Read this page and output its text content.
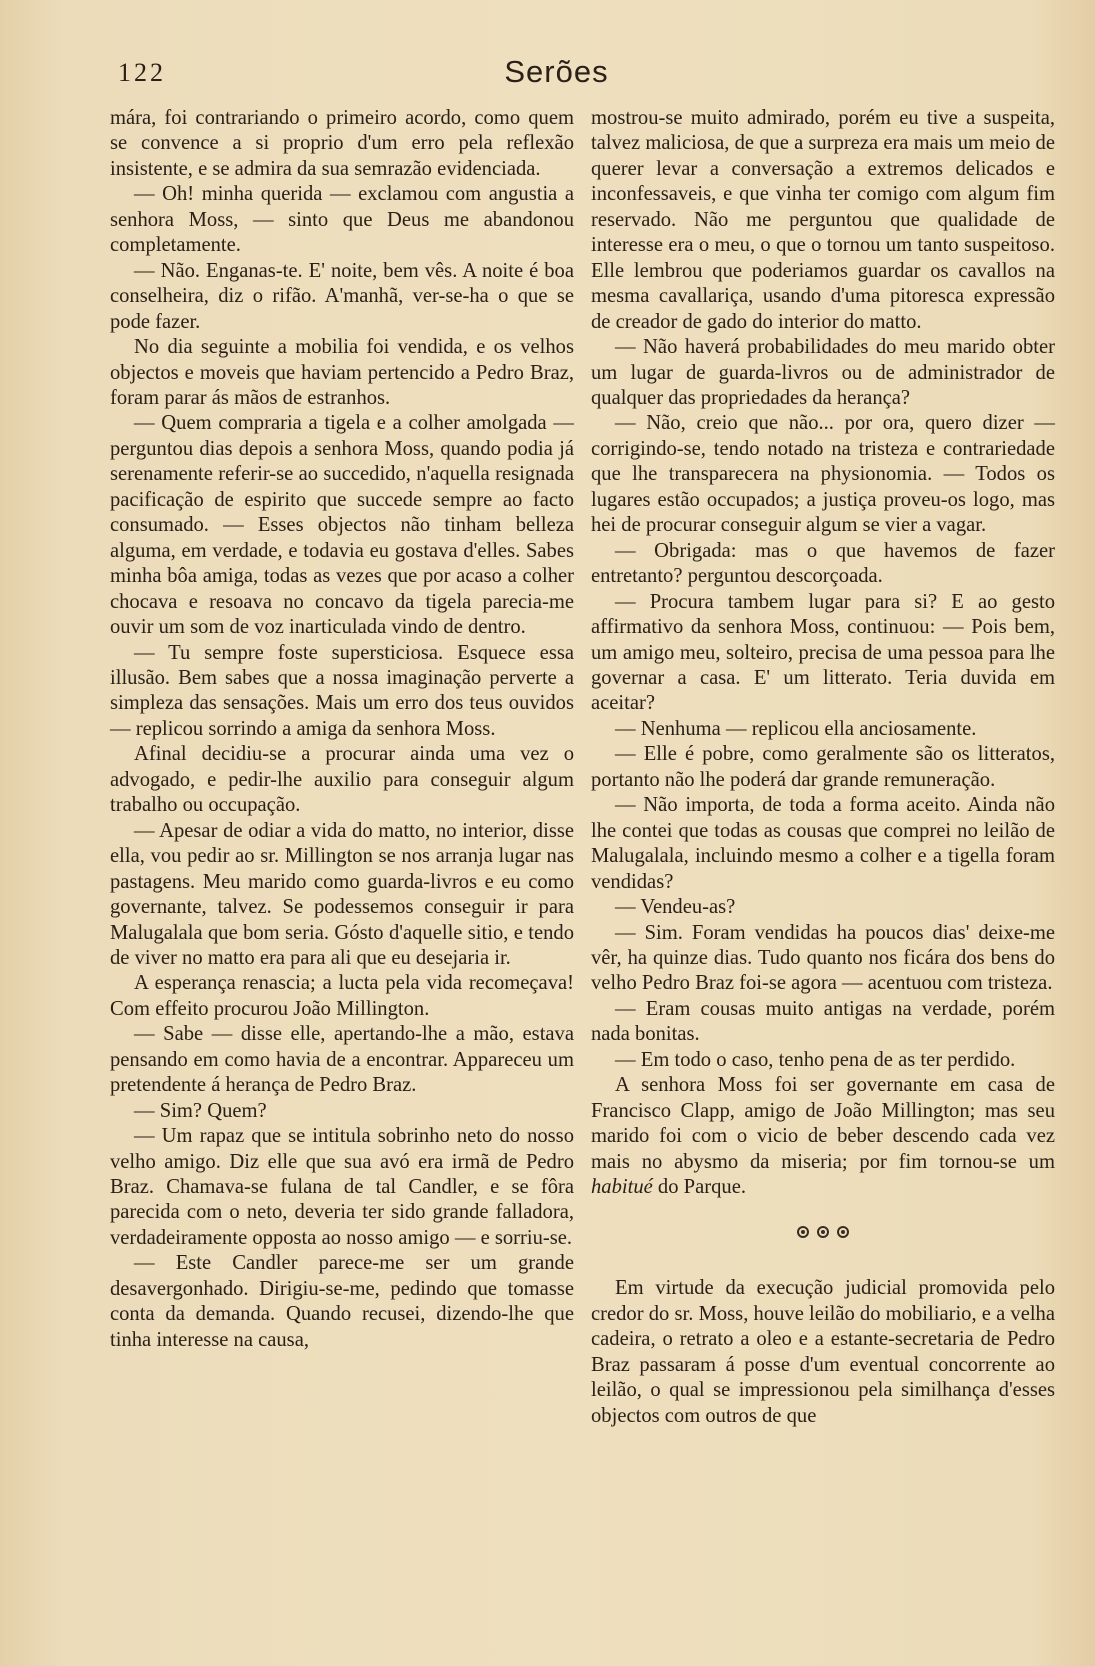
122	Serões

mára, foi contrariando o primeiro acordo, como quem se convence a si proprio d'um erro pela reflexão insistente, e se admira da sua semrazão evidenciada.

— Oh! minha querida — exclamou com angustia a senhora Moss, — sinto que Deus me abandonou completamente.

— Não. Enganas-te. E' noite, bem vês. A noite é boa conselheira, diz o rifão. A'manhã, ver-se-ha o que se pode fazer.

No dia seguinte a mobilia foi vendida, e os velhos objectos e moveis que haviam pertencido a Pedro Braz, foram parar ás mãos de estranhos.

— Quem compraria a tigela e a colher amolgada — perguntou dias depois a senhora Moss, quando podia já serenamente referir-se ao succedido, n'aquella resignada pacificação de espirito que succede sempre ao facto consumado. — Esses objectos não tinham belleza alguma, em verdade, e todavia eu gostava d'elles. Sabes minha bôa amiga, todas as vezes que por acaso a colher chocava e resoava no concavo da tigela parecia-me ouvir um som de voz inarticulada vindo de dentro.

— Tu sempre foste supersticiosa. Esquece essa illusão. Bem sabes que a nossa imaginação perverte a simpleza das sensações. Mais um erro dos teus ouvidos — replicou sorrindo a amiga da senhora Moss.

Afinal decidiu-se a procurar ainda uma vez o advogado, e pedir-lhe auxilio para conseguir algum trabalho ou occupação.

— Apesar de odiar a vida do matto, no interior, disse ella, vou pedir ao sr. Millington se nos arranja lugar nas pastagens. Meu marido como guarda-livros e eu como governante, talvez. Se podessemos conseguir ir para Malugalala que bom seria. Gósto d'aquelle sitio, e tendo de viver no matto era para ali que eu desejaria ir.

A esperança renascia; a lucta pela vida recomeçava! Com effeito procurou João Millington.

— Sabe — disse elle, apertando-lhe a mão, estava pensando em como havia de a encontrar. Appareceu um pretendente á herança de Pedro Braz.

— Sim? Quem?

— Um rapaz que se intitula sobrinho neto do nosso velho amigo. Diz elle que sua avó era irmã de Pedro Braz. Chamava-se fulana de tal Candler, e se fôra parecida com o neto, deveria ter sido grande falladora, verdadeiramente opposta ao nosso amigo — e sorriu-se.

— Este Candler parece-me ser um grande desavergonhado. Dirigiu-se-me, pedindo que tomasse conta da demanda. Quando recusei, dizendo-lhe que tinha interesse na causa,

mostrou-se muito admirado, porém eu tive a suspeita, talvez maliciosa, de que a surpreza era mais um meio de querer levar a conversação a extremos delicados e inconfessaveis, e que vinha ter comigo com algum fim reservado. Não me perguntou que qualidade de interesse era o meu, o que o tornou um tanto suspeitoso. Elle lembrou que poderiamos guardar os cavallos na mesma cavallariça, usando d'uma pitoresca expressão de creador de gado do interior do matto.

— Não haverá probabilidades do meu marido obter um lugar de guarda-livros ou de administrador de qualquer das propriedades da herança?

— Não, creio que não... por ora, quero dizer — corrigindo-se, tendo notado na tristeza e contrariedade que lhe transparecera na physionomia. — Todos os lugares estão occupados; a justiça proveu-os logo, mas hei de procurar conseguir algum se vier a vagar.

— Obrigada: mas o que havemos de fazer entretanto? perguntou descorçoada.

— Procura tambem lugar para si? E ao gesto affirmativo da senhora Moss, continuou: — Pois bem, um amigo meu, solteiro, precisa de uma pessoa para lhe governar a casa. E' um litterato. Teria duvida em aceitar?

— Nenhuma — replicou ella anciosamente.

— Elle é pobre, como geralmente são os litteratos, portanto não lhe poderá dar grande remuneração.

— Não importa, de toda a forma aceito. Ainda não lhe contei que todas as cousas que comprei no leilão de Malugalala, incluindo mesmo a colher e a tigella foram vendidas?

— Vendeu-as?

— Sim. Foram vendidas ha poucos dias' deixe-me vêr, ha quinze dias. Tudo quanto nos ficára dos bens do velho Pedro Braz foi-se agora — acentuou com tristeza.

— Eram cousas muito antigas na verdade, porém nada bonitas.

— Em todo o caso, tenho pena de as ter perdido.

A senhora Moss foi ser governante em casa de Francisco Clapp, amigo de João Millington; mas seu marido foi com o vicio de beber descendo cada vez mais no abysmo da miseria; por fim tornou-se um habitué do Parque.

Em virtude da execução judicial promovida pelo credor do sr. Moss, houve leilão do mobiliario, e a velha cadeira, o retrato a oleo e a estante-secretaria de Pedro Braz passaram á posse d'um eventual concorrente ao leilão, o qual se impressionou pela similhança d'esses objectos com outros de que
